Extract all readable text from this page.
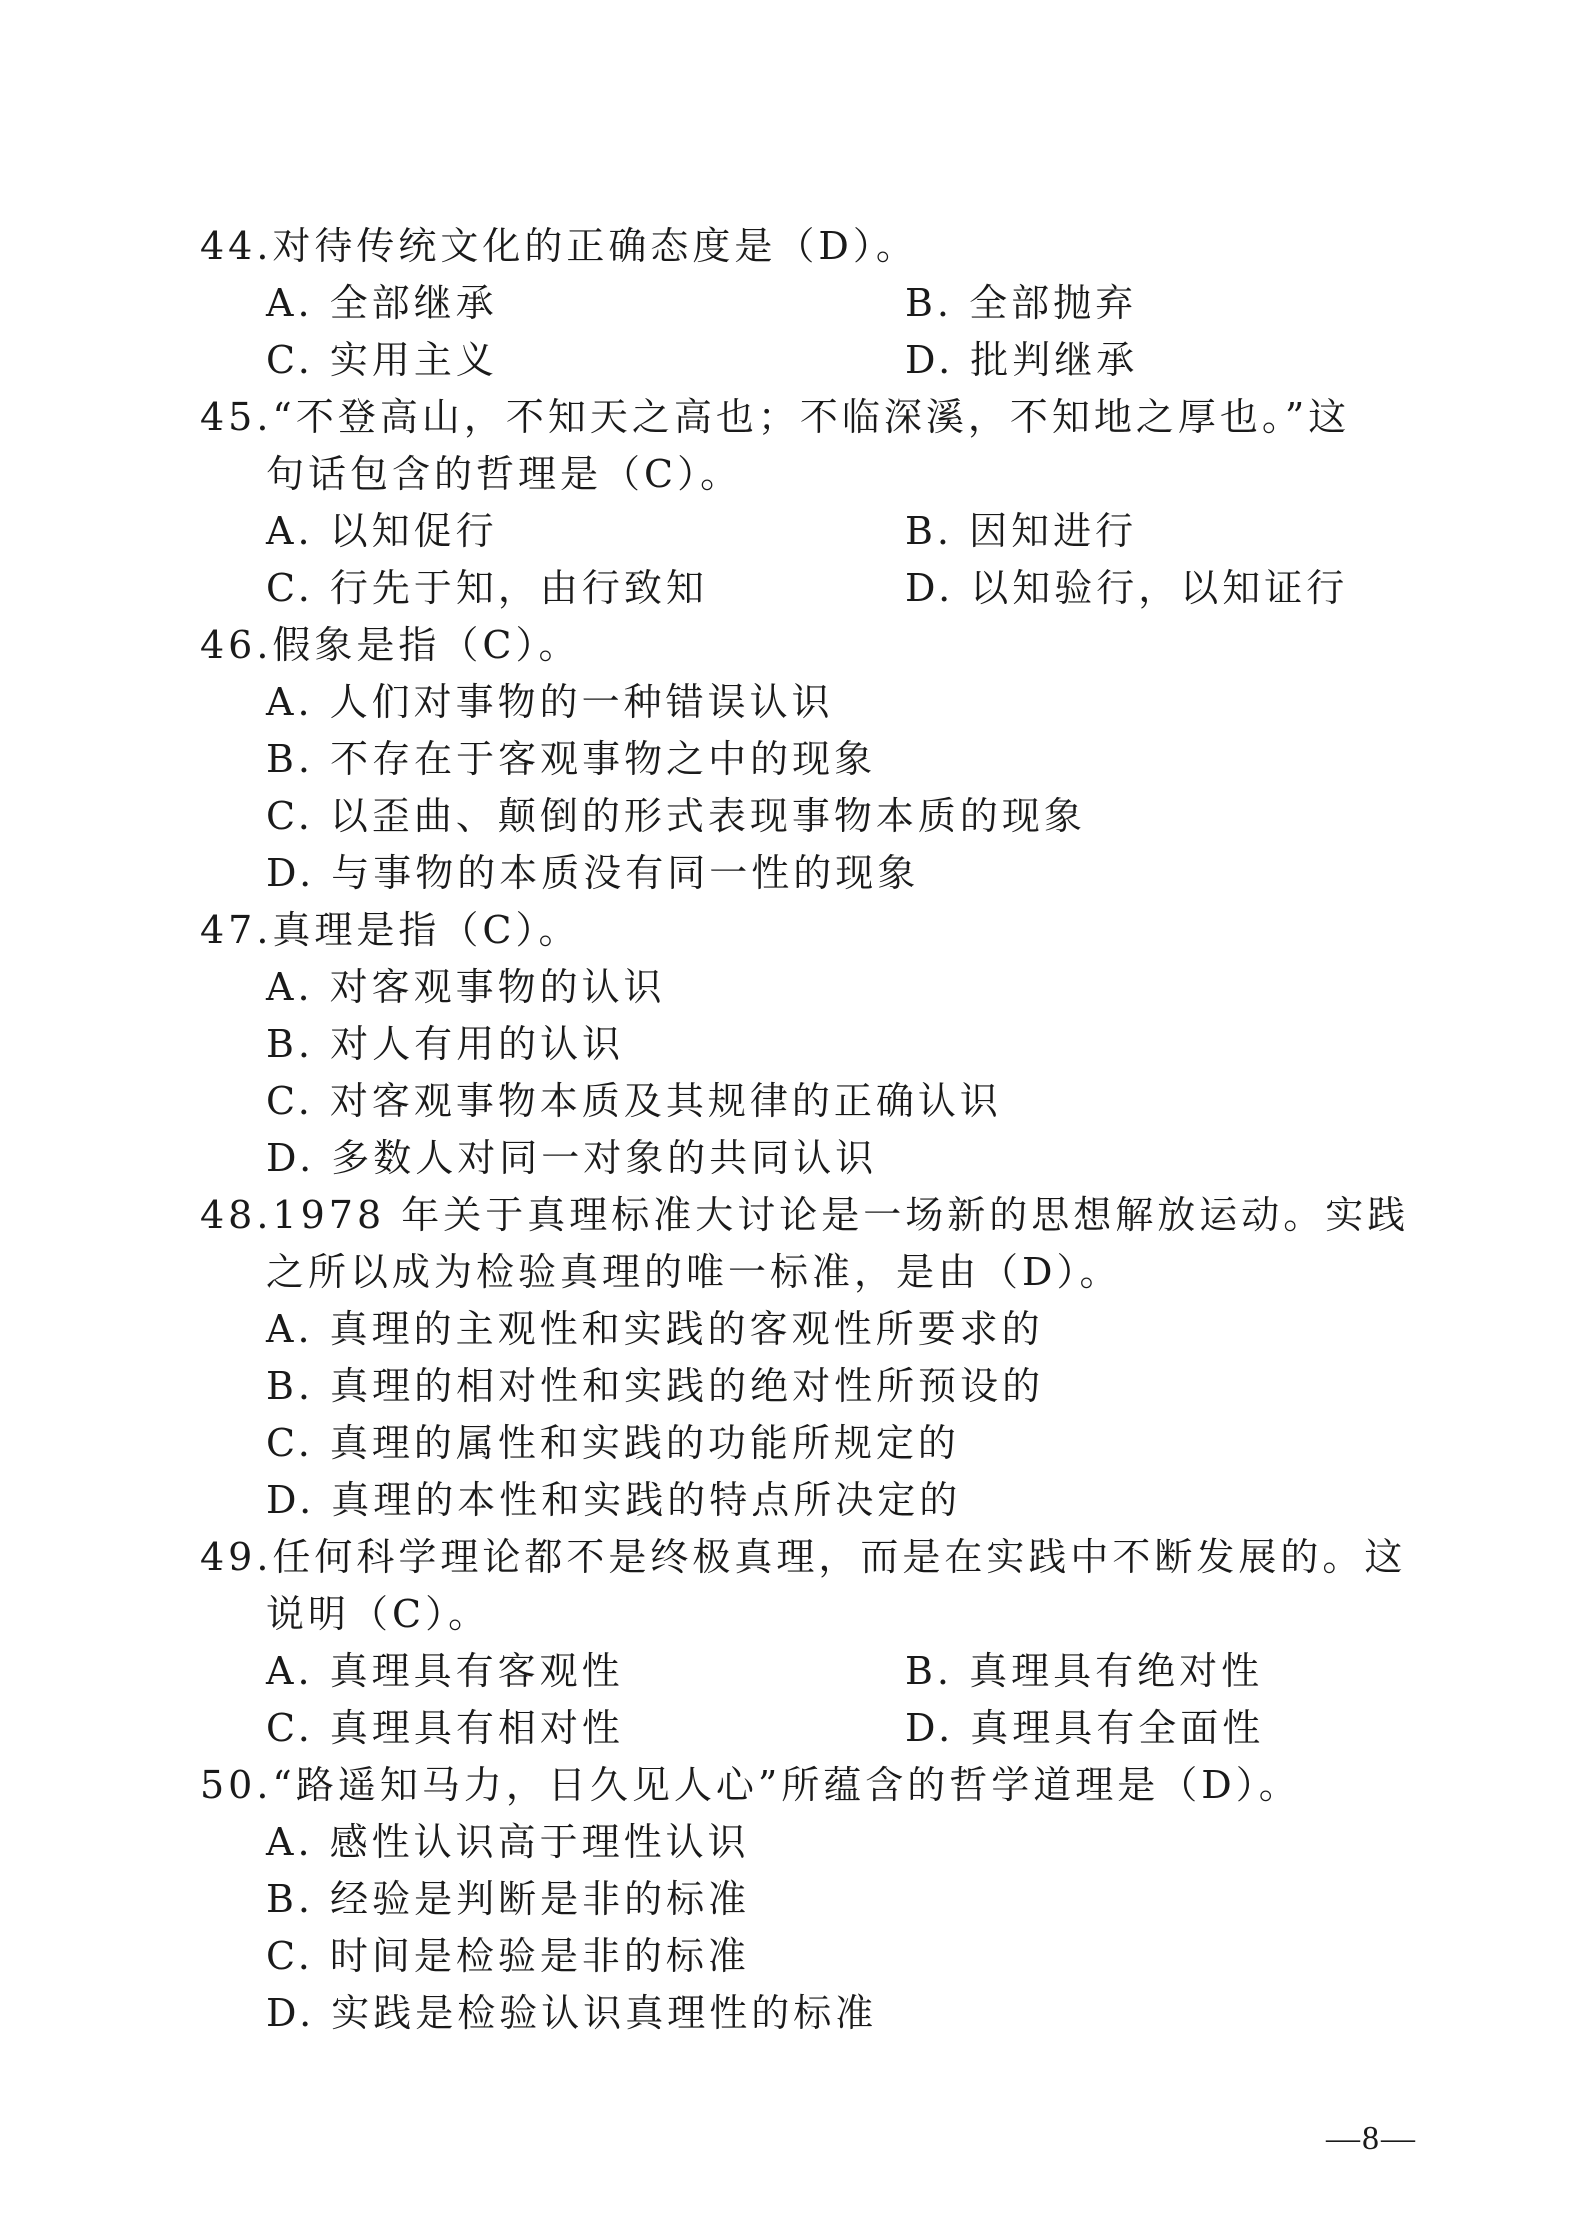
44.对待传统文化的正确态度是（D）。
A. 全部继承	B. 全部抛弃
C. 实用主义	D. 批判继承
45.“不登高山，不知天之高也；不临深溪，不知地之厚也。”这
句话包含的哲理是（C）。
A. 以知促行	B. 因知进行
C. 行先于知，由行致知	D. 以知验行，以知证行
46.假象是指（C）。
A. 人们对事物的一种错误认识
B. 不存在于客观事物之中的现象
C. 以歪曲、颠倒的形式表现事物本质的现象
D. 与事物的本质没有同一性的现象
47.真理是指（C）。
A. 对客观事物的认识
B. 对人有用的认识
C. 对客观事物本质及其规律的正确认识
D. 多数人对同一对象的共同认识
48.1978 年关于真理标准大讨论是一场新的思想解放运动。实践
之所以成为检验真理的唯一标准，是由（D）。
A. 真理的主观性和实践的客观性所要求的
B. 真理的相对性和实践的绝对性所预设的
C. 真理的属性和实践的功能所规定的
D. 真理的本性和实践的特点所决定的
49.任何科学理论都不是终极真理，而是在实践中不断发展的。这
说明（C）。
A. 真理具有客观性	B. 真理具有绝对性
C. 真理具有相对性	D. 真理具有全面性
50.“路遥知马力，日久见人心”所蕴含的哲学道理是（D）。
A. 感性认识高于理性认识
B. 经验是判断是非的标准
C. 时间是检验是非的标准
D. 实践是检验认识真理性的标准
—8—
